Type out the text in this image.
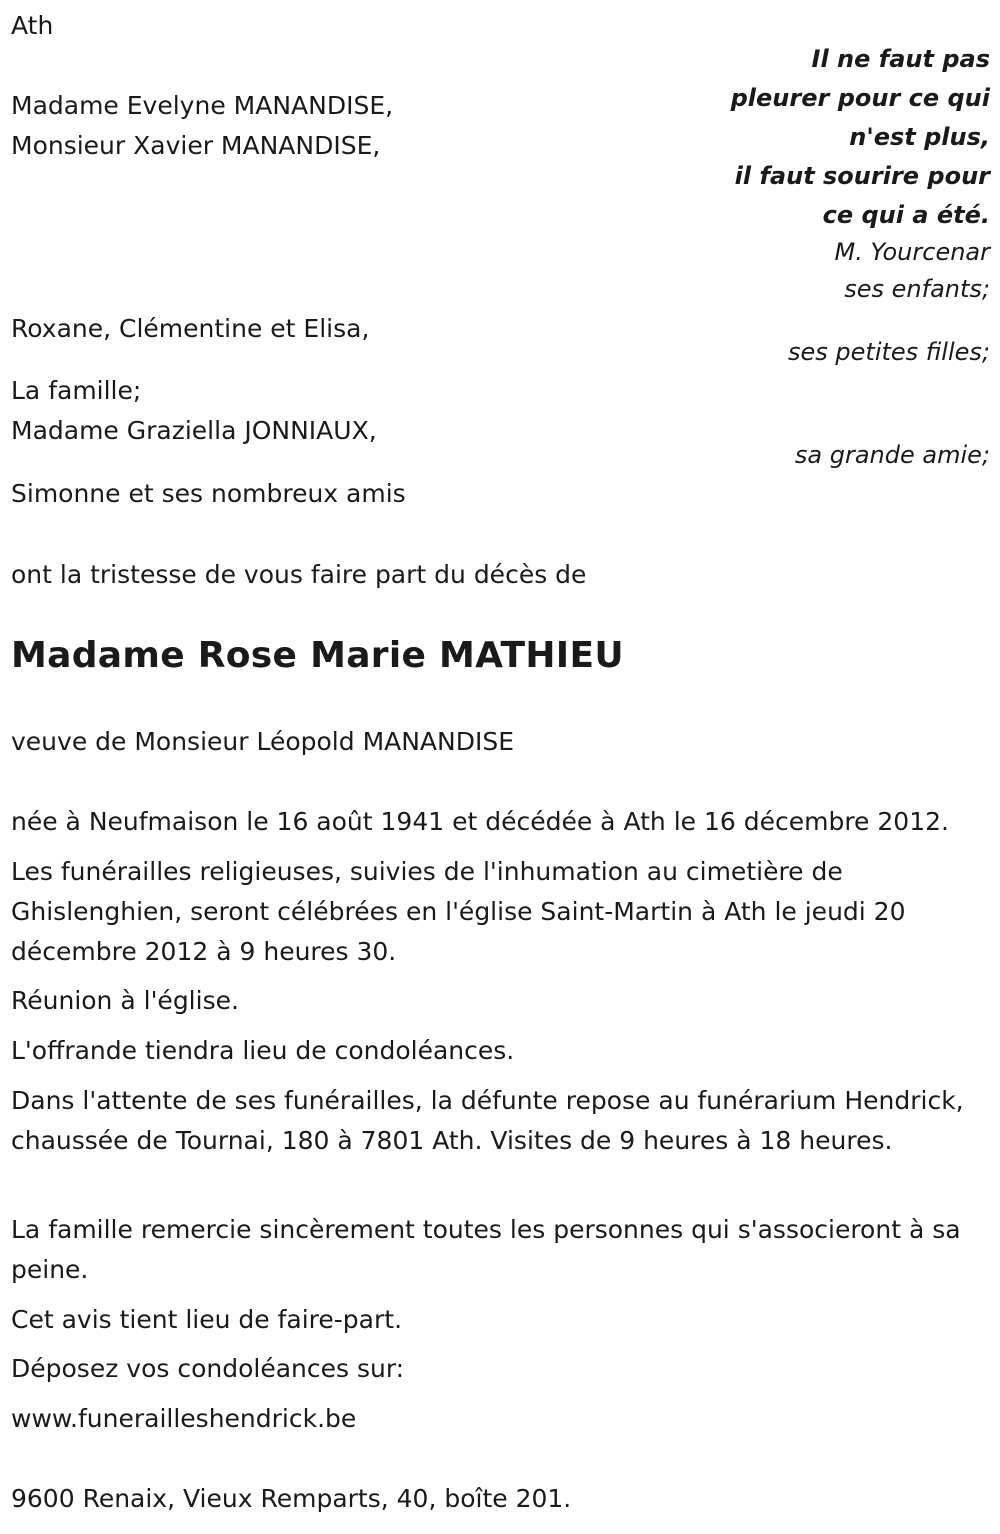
Ath
Il ne faut pas
pleurer pour ce qui
n'est plus,
il faut sourire pour
ce qui a été.
M. Yourcenar
ses enfants;
ses petites filles;
sa grande amie;
Madame Evelyne MANANDISE,
Monsieur Xavier MANANDISE,
Roxane, Clémentine et Elisa,
La famille;
Madame Graziella JONNIAUX,
Simonne et ses nombreux amis
ont la tristesse de vous faire part du décès de
Madame Rose Marie MATHIEU
veuve de Monsieur Léopold MANANDISE
née à Neufmaison le 16 août 1941 et décédée à Ath le 16 décembre 2012.
Les funérailles religieuses, suivies de l'inhumation au cimetière de Ghislenghien, seront célébrées en l'église Saint-Martin à Ath le jeudi 20 décembre 2012 à 9 heures 30.
Réunion à l'église.
L'offrande tiendra lieu de condoléances.
Dans l'attente de ses funérailles, la défunte repose au funérarium Hendrick, chaussée de Tournai, 180 à 7801 Ath. Visites de 9 heures à 18 heures.
La famille remercie sincèrement toutes les personnes qui s'associeront à sa peine.
Cet avis tient lieu de faire-part.
Déposez vos condoléances sur:
www.funerailleshendrick.be
9600 Renaix, Vieux Remparts, 40, boîte 201.
